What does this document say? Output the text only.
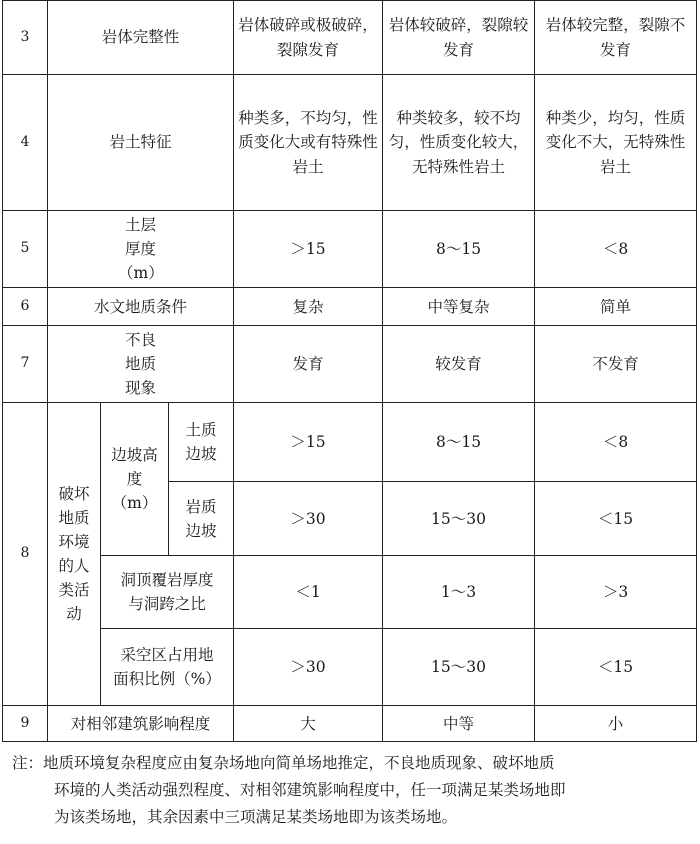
3	岩体完整性			岩体破碎或极破碎，裂隙发育	岩体较破碎，裂隙较发育	岩体较完整，裂隙不发育
4	岩土特征			种类多，不均匀，性质变化大或有特殊性岩土	种类较多，较不均匀，性质变化较大，无特殊性岩土	种类少，均匀，性质变化不大，无特殊性岩土
5	土层厚度（m）			＞15	8～15	＜8
6	水文地质条件			复杂	中等复杂	简单
7	不良地质现象			发育	较发育	不发育
8	破坏地质环境的人类活动	边坡高度（m）	土质边坡	＞15	8～15	＜8
			岩质边坡	＞30	15～30	＜15
		洞顶覆岩厚度与洞跨之比		＜1	1～3	＞3
		采空区占用地面积比例（%）		＞30	15～30	＜15
9	对相邻建筑影响程度			大	中等	小
注：地质环境复杂程度应由复杂场地向简单场地推定，不良地质现象、破坏地质
环境的人类活动强烈程度、对相邻建筑影响程度中，任一项满足某类场地即
为该类场地，其余因素中三项满足某类场地即为该类场地。
